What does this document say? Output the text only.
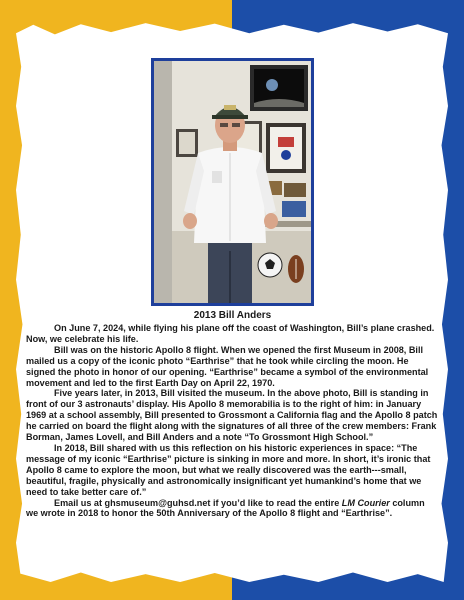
2013 Bill Anders

On June 7, 2024, while flying his plane off the coast of Washington, Bill’s plane crashed. Now, we celebrate his life.

Bill was on the historic Apollo 8 flight. When we opened the first Museum in 2008, Bill mailed us a copy of the iconic photo “Earthrise” that he took while circling the moon. He signed the photo in honor of our opening. “Earthrise” became a symbol of the environmental movement and led to the first Earth Day on April 22, 1970.

Five years later, in 2013, Bill visited the museum. In the above photo, Bill is standing in front of our 3 astronauts’ display. His Apollo 8 memorabilia is to the right of him: in January 1969 at a school assembly, Bill presented to Grossmont a California flag and the Apollo 8 patch he carried on board the flight along with the signatures of all three of the crew members: Frank Borman, James Lovell, and Bill Anders and a note “To Grossmont High School.”

In 2018, Bill shared with us this reflection on his historic experiences in space: “The message of my iconic “Earthrise” picture is sinking in more and more. In short, it’s ironic that Apollo 8 came to explore the moon, but what we really discovered was the earth---small, beautiful, fragile, physically and astronomically insignificant yet humankind’s home that we need to take better care of.”

Email us at ghsmuseum@guhsd.net if you’d like to read the entire LM Courier column we wrote in 2018 to honor the 50th Anniversary of the Apollo 8 flight and “Earthrise”.
